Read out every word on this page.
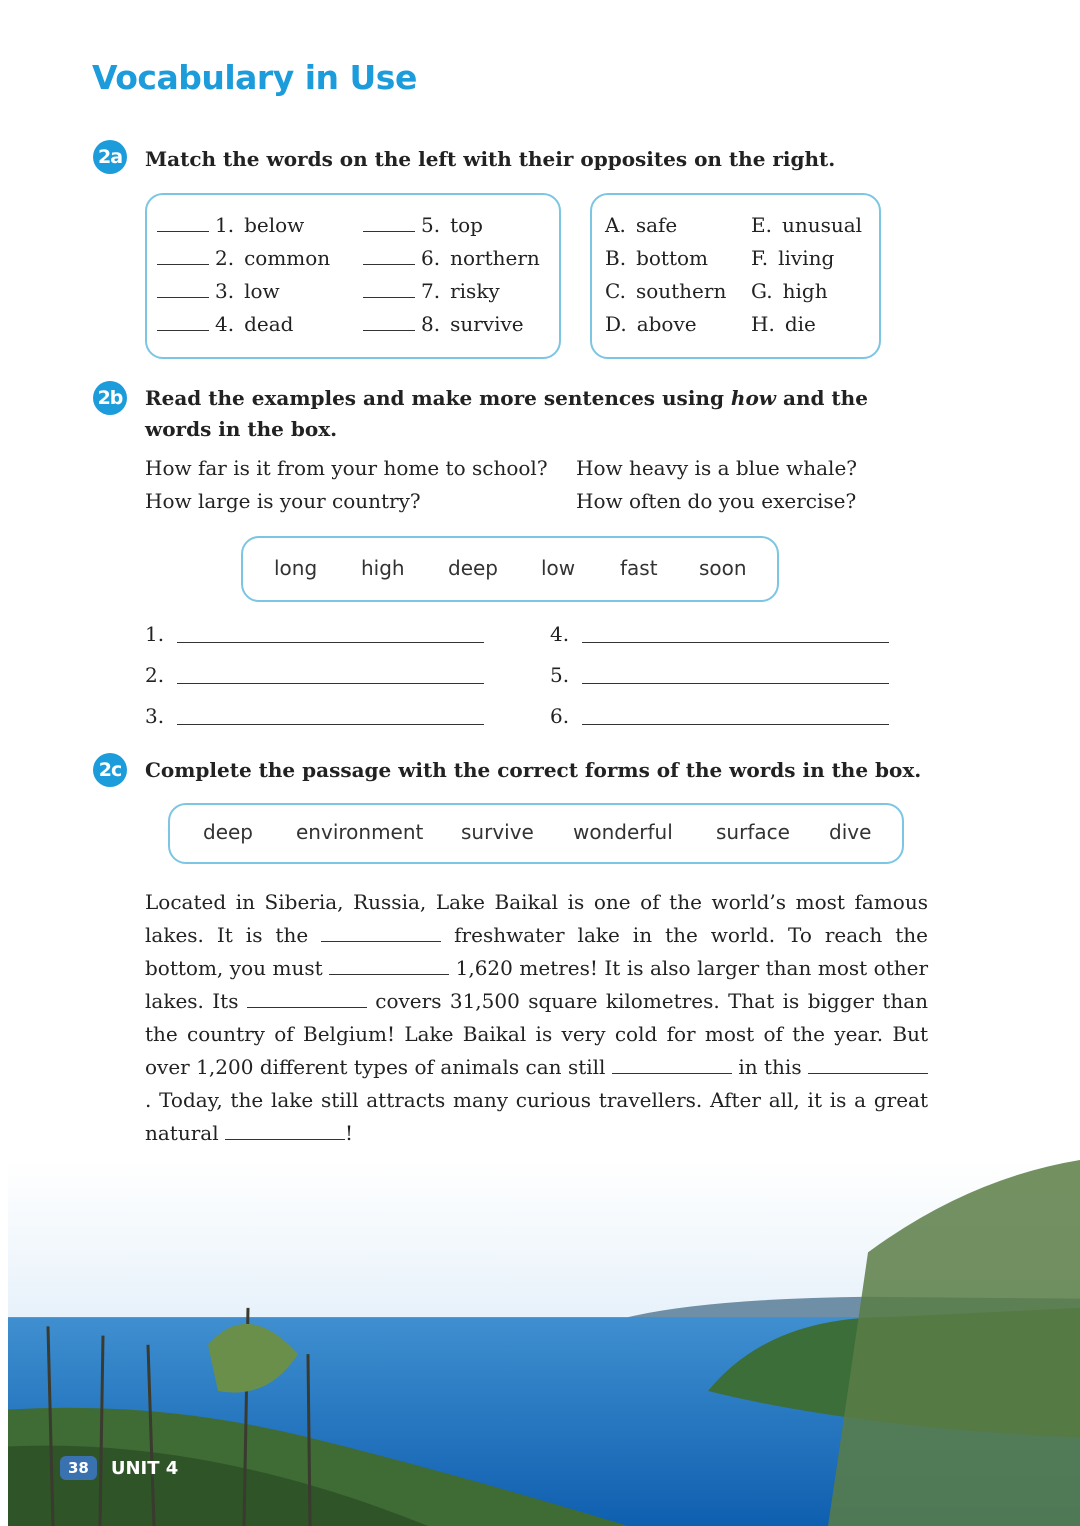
Vocabulary in Use
2a Match the words on the left with their opposites on the right.
1. below
2. common
3. low
4. dead
5. top
6. northern
7. risky
8. survive
A. safe
B. bottom
C. southern
D. above
E. unusual
F. living
G. high
H. die
2b Read the examples and make more sentences using how and the words in the box.
How far is it from your home to school? How heavy is a blue whale?
How large is your country?	How often do you exercise?
long high deep low fast soon
1.
2.
3.
4.
5.
6.
2c Complete the passage with the correct forms of the words in the box.
deep environment survive wonderful surface dive
Located in Siberia, Russia, Lake Baikal is one of the world’s most famous lakes. It is the	freshwater lake in the world. To reach the bottom, you must	1,620 metres! It is also larger than most other lakes. Its	covers 31,500 square kilometres. That is bigger than the country of Belgium! Lake Baikal is very cold for most of the year. But over 1,200 different types of animals can still	in this . Today, the lake still attracts many curious travellers. After all, it is a great natural	!
38	UNIT 4
